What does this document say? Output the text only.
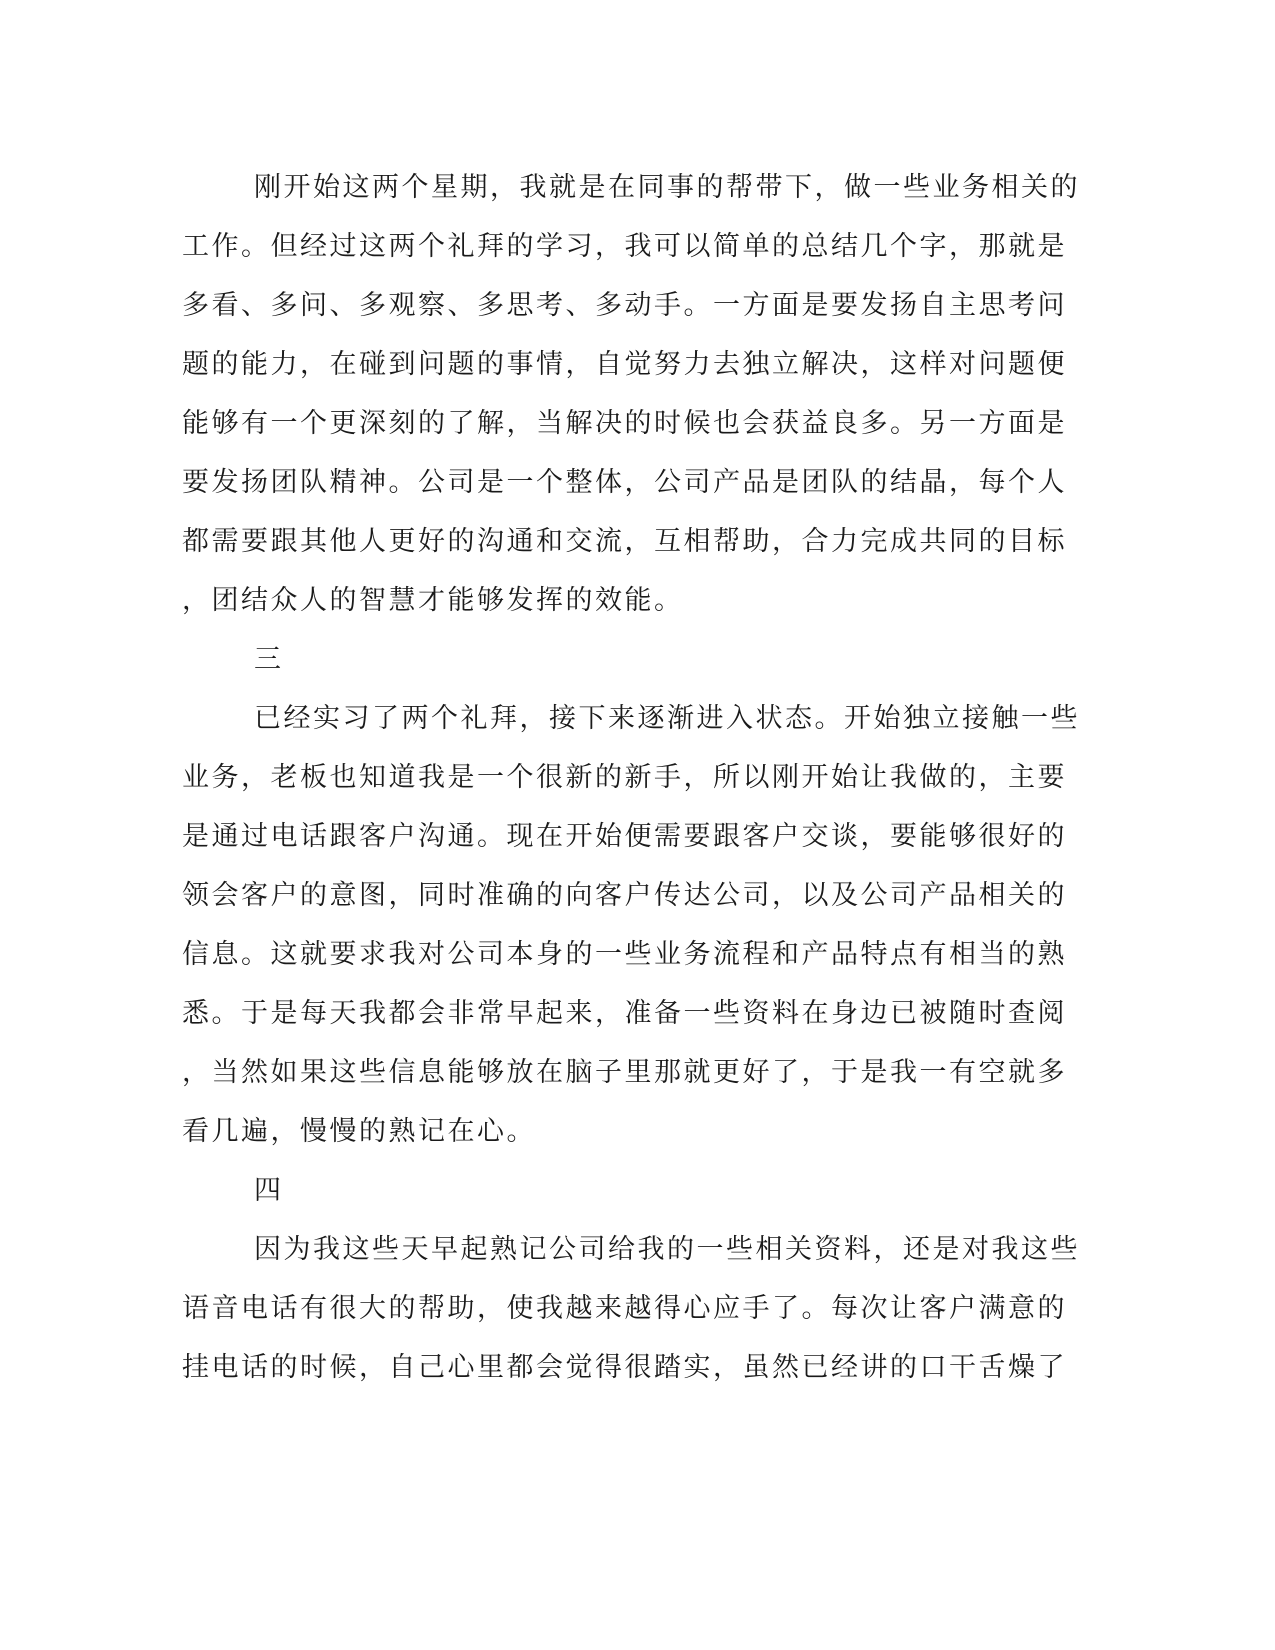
刚开始这两个星期，我就是在同事的帮带下，做一些业务相关的
工作。但经过这两个礼拜的学习，我可以简单的总结几个字，那就是
多看、多问、多观察、多思考、多动手。一方面是要发扬自主思考问
题的能力，在碰到问题的事情，自觉努力去独立解决，这样对问题便
能够有一个更深刻的了解，当解决的时候也会获益良多。另一方面是
要发扬团队精神。公司是一个整体，公司产品是团队的结晶，每个人
都需要跟其他人更好的沟通和交流，互相帮助，合力完成共同的目标
，团结众人的智慧才能够发挥的效能。
三
已经实习了两个礼拜，接下来逐渐进入状态。开始独立接触一些
业务，老板也知道我是一个很新的新手，所以刚开始让我做的，主要
是通过电话跟客户沟通。现在开始便需要跟客户交谈，要能够很好的
领会客户的意图，同时准确的向客户传达公司，以及公司产品相关的
信息。这就要求我对公司本身的一些业务流程和产品特点有相当的熟
悉。于是每天我都会非常早起来，准备一些资料在身边已被随时查阅
，当然如果这些信息能够放在脑子里那就更好了，于是我一有空就多
看几遍，慢慢的熟记在心。
四
因为我这些天早起熟记公司给我的一些相关资料，还是对我这些
语音电话有很大的帮助，使我越来越得心应手了。每次让客户满意的
挂电话的时候，自己心里都会觉得很踏实，虽然已经讲的口干舌燥了
